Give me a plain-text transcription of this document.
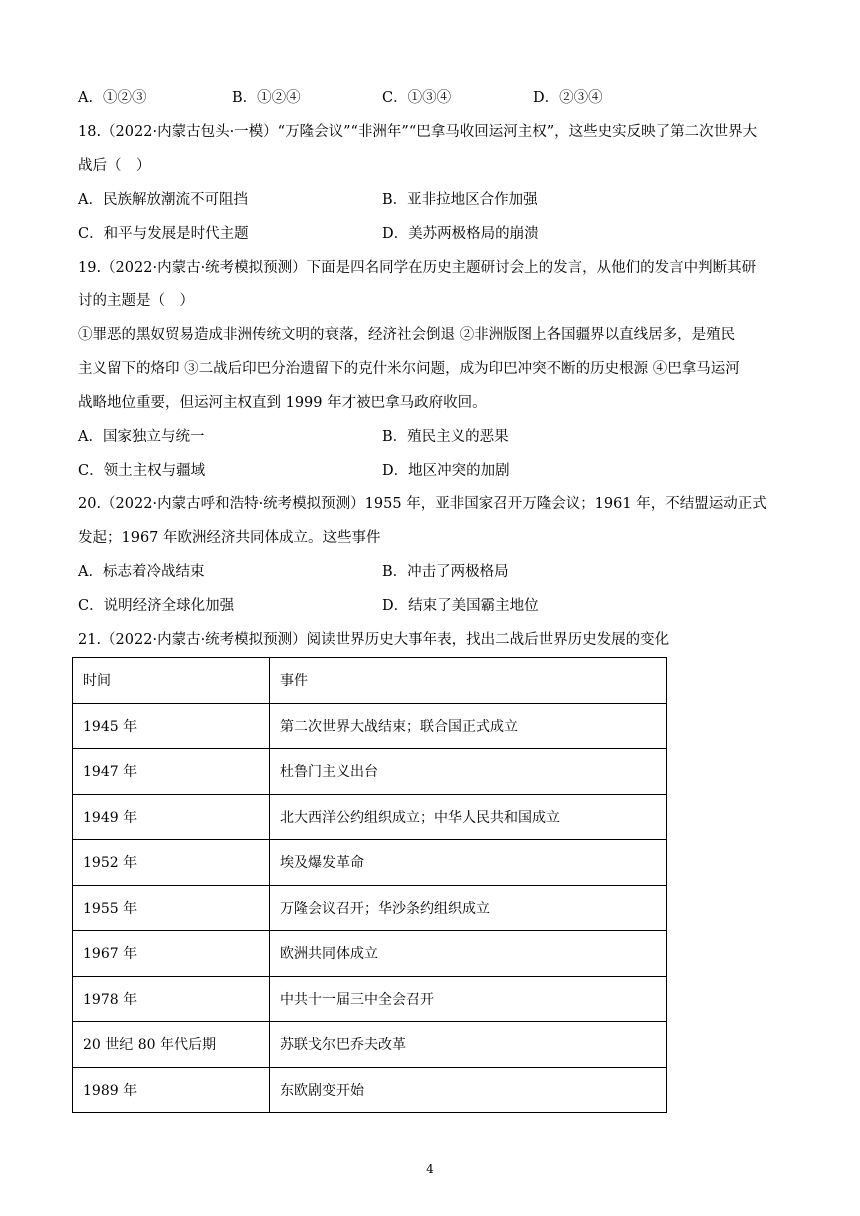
A．①②③	B．①②④	C．①③④	D．②③④
18.（2022·内蒙古包头·一模）“万隆会议”“非洲年”“巴拿马收回运河主权”，这些史实反映了第二次世界大
战后（　）
A．民族解放潮流不可阻挡	B．亚非拉地区合作加强
C．和平与发展是时代主题	D．美苏两极格局的崩溃
19.（2022·内蒙古·统考模拟预测）下面是四名同学在历史主题研讨会上的发言，从他们的发言中判断其研
讨的主题是（　）
①罪恶的黑奴贸易造成非洲传统文明的衰落，经济社会倒退 ②非洲版图上各国疆界以直线居多，是殖民
主义留下的烙印 ③二战后印巴分治遗留下的克什米尔问题，成为印巴冲突不断的历史根源 ④巴拿马运河
战略地位重要，但运河主权直到 1999 年才被巴拿马政府收回。
A．国家独立与统一	B．殖民主义的恶果
C．领土主权与疆域	D．地区冲突的加剧
20.（2022·内蒙古呼和浩特·统考模拟预测）1955 年，亚非国家召开万隆会议；1961 年，不结盟运动正式
发起；1967 年欧洲经济共同体成立。这些事件
A．标志着冷战结束	B．冲击了两极格局
C．说明经济全球化加强	D．结束了美国霸主地位
21.（2022·内蒙古·统考模拟预测）阅读世界历史大事年表，找出二战后世界历史发展的变化
时间	事件
1945 年	第二次世界大战结束；联合国正式成立
1947 年	杜鲁门主义出台
1949 年	北大西洋公约组织成立；中华人民共和国成立
1952 年	埃及爆发革命
1955 年	万隆会议召开；华沙条约组织成立
1967 年	欧洲共同体成立
1978 年	中共十一届三中全会召开
20 世纪 80 年代后期	苏联戈尔巴乔夫改革
1989 年	东欧剧变开始
4
